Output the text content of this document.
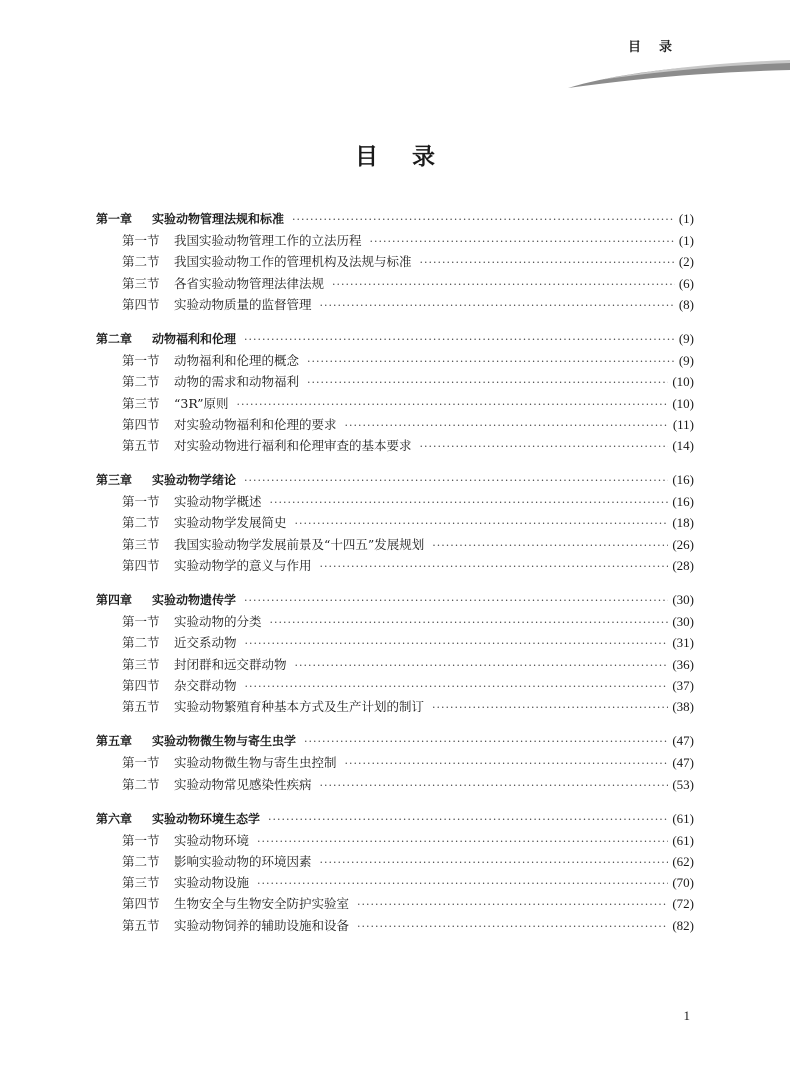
目录
目录
第一章	实验动物管理法规和标准 ·····	(1)
第一节	我国实验动物管理工作的立法历程 ·····	(1)
第二节	我国实验动物工作的管理机构及法规与标准 ·····	(2)
第三节	各省实验动物管理法律法规 ·····	(6)
第四节	实验动物质量的监督管理 ·····	(8)
第二章	动物福利和伦理 ·····	(9)
第一节	动物福利和伦理的概念 ·····	(9)
第二节	动物的需求和动物福利 ·····	(10)
第三节	“3R”原则 ·····	(10)
第四节	对实验动物福利和伦理的要求 ·····	(11)
第五节	对实验动物进行福利和伦理审查的基本要求 ·····	(14)
第三章	实验动物学绪论 ·····	(16)
第一节	实验动物学概述 ·····	(16)
第二节	实验动物学发展简史 ·····	(18)
第三节	我国实验动物学发展前景及“十四五”发展规划 ·····	(26)
第四节	实验动物学的意义与作用 ·····	(28)
第四章	实验动物遗传学 ·····	(30)
第一节	实验动物的分类 ·····	(30)
第二节	近交系动物 ·····	(31)
第三节	封闭群和远交群动物 ·····	(36)
第四节	杂交群动物 ·····	(37)
第五节	实验动物繁殖育种基本方式及生产计划的制订 ·····	(38)
第五章	实验动物微生物与寄生虫学 ·····	(47)
第一节	实验动物微生物与寄生虫控制 ·····	(47)
第二节	实验动物常见感染性疾病 ·····	(53)
第六章	实验动物环境生态学 ·····	(61)
第一节	实验动物环境 ·····	(61)
第二节	影响实验动物的环境因素 ·····	(62)
第三节	实验动物设施 ·····	(70)
第四节	生物安全与生物安全防护实验室 ·····	(72)
第五节	实验动物饲养的辅助设施和设备 ·····	(82)
1
